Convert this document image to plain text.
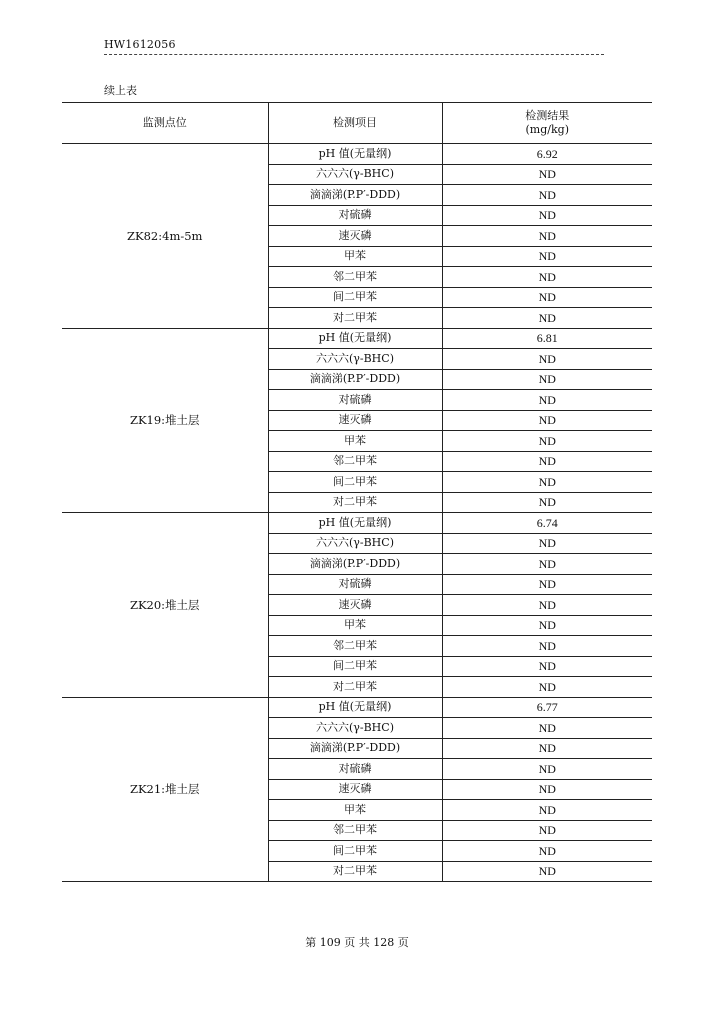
HW1612056
续上表
监测点位	检测项目	检测结果
(mg/kg)

ZK82:4m-5m	pH 值(无量纲)	6.92
	六六六(γ-BHC)	ND
	滴滴涕(P.P′-DDD)	ND
	对硫磷	ND
	速灭磷	ND
	甲苯	ND
	邻二甲苯	ND
	间二甲苯	ND
	对二甲苯	ND
ZK19:堆土层	pH 值(无量纲)	6.81
	六六六(γ-BHC)	ND
	滴滴涕(P.P′-DDD)	ND
	对硫磷	ND
	速灭磷	ND
	甲苯	ND
	邻二甲苯	ND
	间二甲苯	ND
	对二甲苯	ND
ZK20:堆土层	pH 值(无量纲)	6.74
	六六六(γ-BHC)	ND
	滴滴涕(P.P′-DDD)	ND
	对硫磷	ND
	速灭磷	ND
	甲苯	ND
	邻二甲苯	ND
	间二甲苯	ND
	对二甲苯	ND
ZK21:堆土层	pH 值(无量纲)	6.77
	六六六(γ-BHC)	ND
	滴滴涕(P.P′-DDD)	ND
	对硫磷	ND
	速灭磷	ND
	甲苯	ND
	邻二甲苯	ND
	间二甲苯	ND
	对二甲苯	ND
第 109 页 共 128 页
